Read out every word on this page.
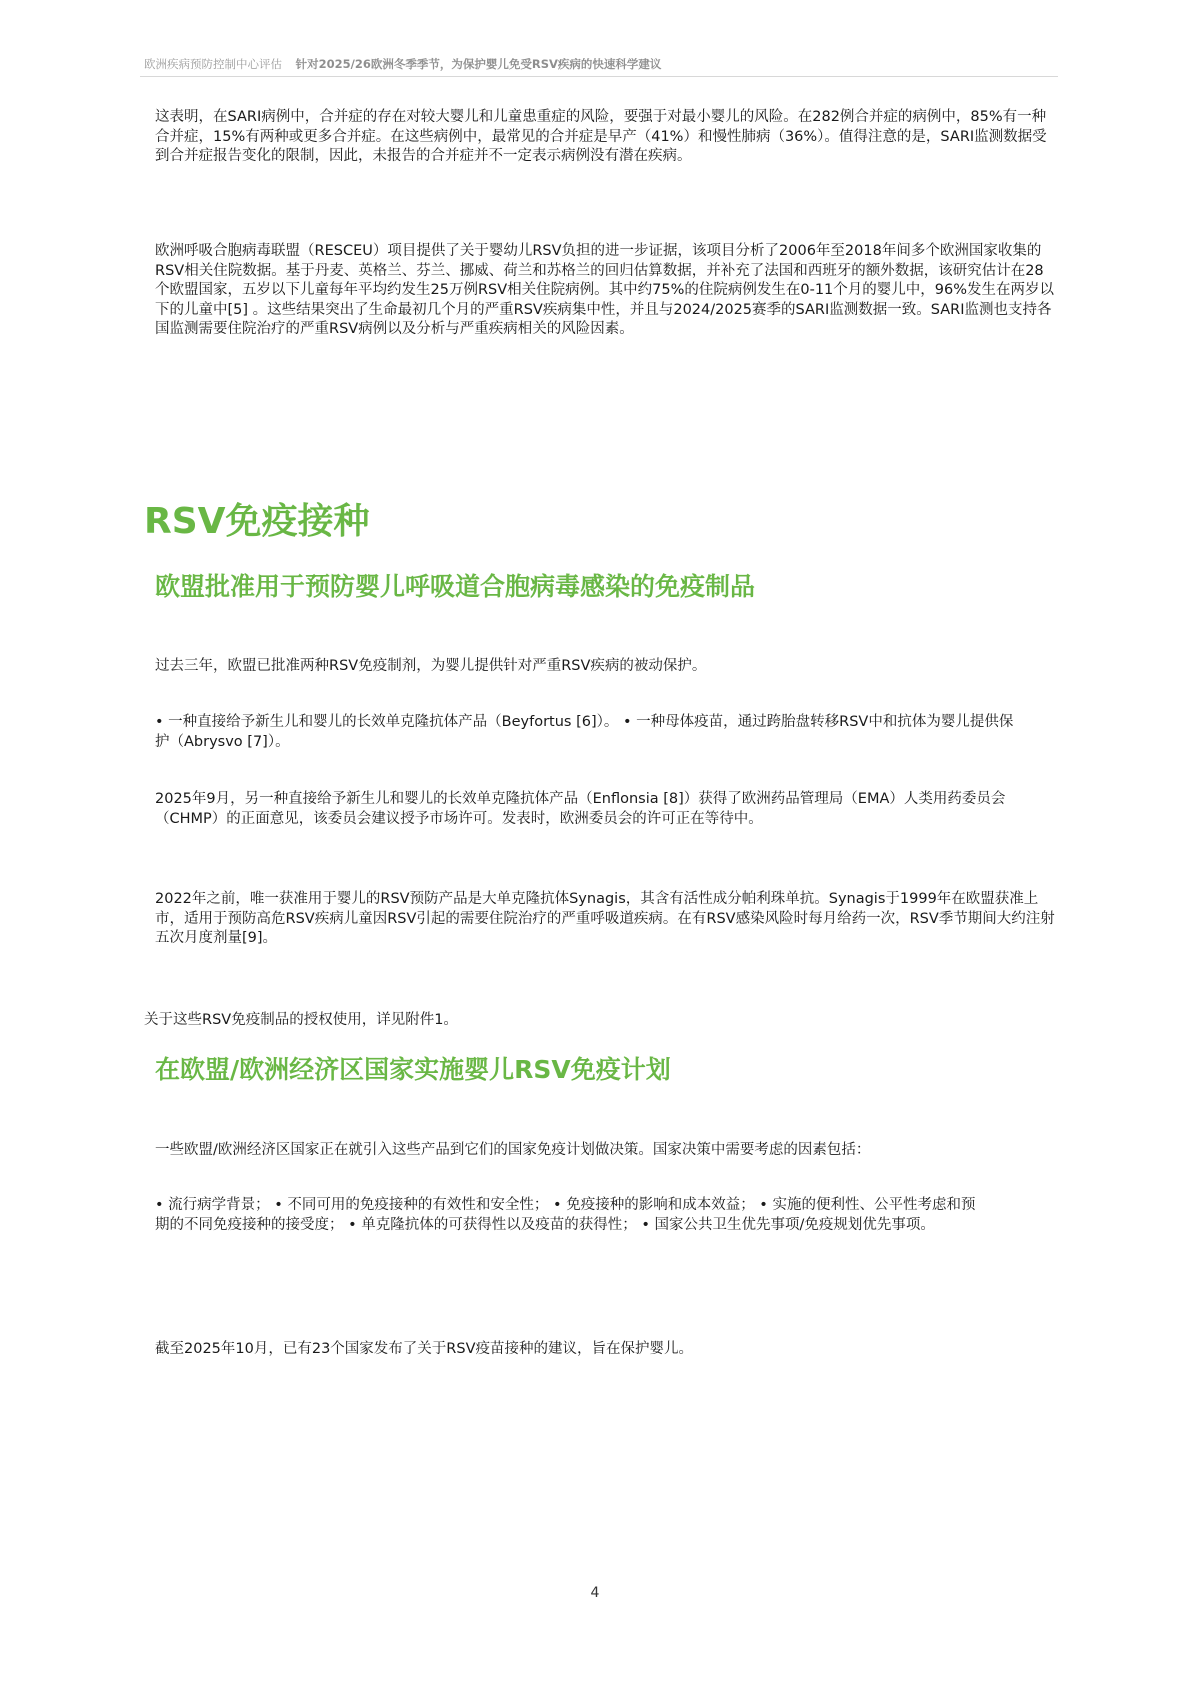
欧洲疾病预防控制中心评估 针对2025/26欧洲冬季季节，为保护婴儿免受RSV疾病的快速科学建议

这表明，在SARI病例中，合并症的存在对较大婴儿和儿童患重症的风险，要强于对最小婴儿的风险。在282例合并症的病例中，85%有一种合并症，15%有两种或更多合并症。在这些病例中，最常见的合并症是早产（41%）和慢性肺病（36%）。值得注意的是，SARI监测数据受到合并症报告变化的限制，因此，未报告的合并症并不一定表示病例没有潜在疾病。

欧洲呼吸合胞病毒联盟（RESCEU）项目提供了关于婴幼儿RSV负担的进一步证据，该项目分析了2006年至2018年间多个欧洲国家收集的RSV相关住院数据。基于丹麦、英格兰、芬兰、挪威、荷兰和苏格兰的回归估算数据，并补充了法国和西班牙的额外数据，该研究估计在28个欧盟国家，五岁以下儿童每年平均约发生25万例RSV相关住院病例。其中约75%的住院病例发生在0-11个月的婴儿中，96%发生在两岁以下的儿童中[5] 。这些结果突出了生命最初几个月的严重RSV疾病集中性，并且与2024/2025赛季的SARI监测数据一致。SARI监测也支持各国监测需要住院治疗的严重RSV病例以及分析与严重疾病相关的风险因素。

RSV免疫接种
欧盟批准用于预防婴儿呼吸道合胞病毒感染的免疫制品

过去三年，欧盟已批准两种RSV免疫制剂，为婴儿提供针对严重RSV疾病的被动保护。

• 一种直接给予新生儿和婴儿的长效单克隆抗体产品（Beyfortus [6]）。 • 一种母体疫苗，通过跨胎盘转移RSV中和抗体为婴儿提供保护（Abrysvo [7]）。

2025年9月，另一种直接给予新生儿和婴儿的长效单克隆抗体产品（Enflonsia [8]）获得了欧洲药品管理局（EMA）人类用药委员会（CHMP）的正面意见，该委员会建议授予市场许可。发表时，欧洲委员会的许可正在等待中。

2022年之前，唯一获准用于婴儿的RSV预防产品是大单克隆抗体Synagis，其含有活性成分帕利珠单抗。Synagis于1999年在欧盟获准上市，适用于预防高危RSV疾病儿童因RSV引起的需要住院治疗的严重呼吸道疾病。在有RSV感染风险时每月给药一次，RSV季节期间大约注射五次月度剂量[9]。

关于这些RSV免疫制品的授权使用，详见附件1。

在欧盟/欧洲经济区国家实施婴儿RSV免疫计划

一些欧盟/欧洲经济区国家正在就引入这些产品到它们的国家免疫计划做决策。国家决策中需要考虑的因素包括：

• 流行病学背景； • 不同可用的免疫接种的有效性和安全性； • 免疫接种的影响和成本效益； • 实施的便利性、公平性考虑和预期的不同免疫接种的接受度； • 单克隆抗体的可获得性以及疫苗的获得性； • 国家公共卫生优先事项/免疫规划优先事项。

截至2025年10月，已有23个国家发布了关于RSV疫苗接种的建议，旨在保护婴儿。

4
